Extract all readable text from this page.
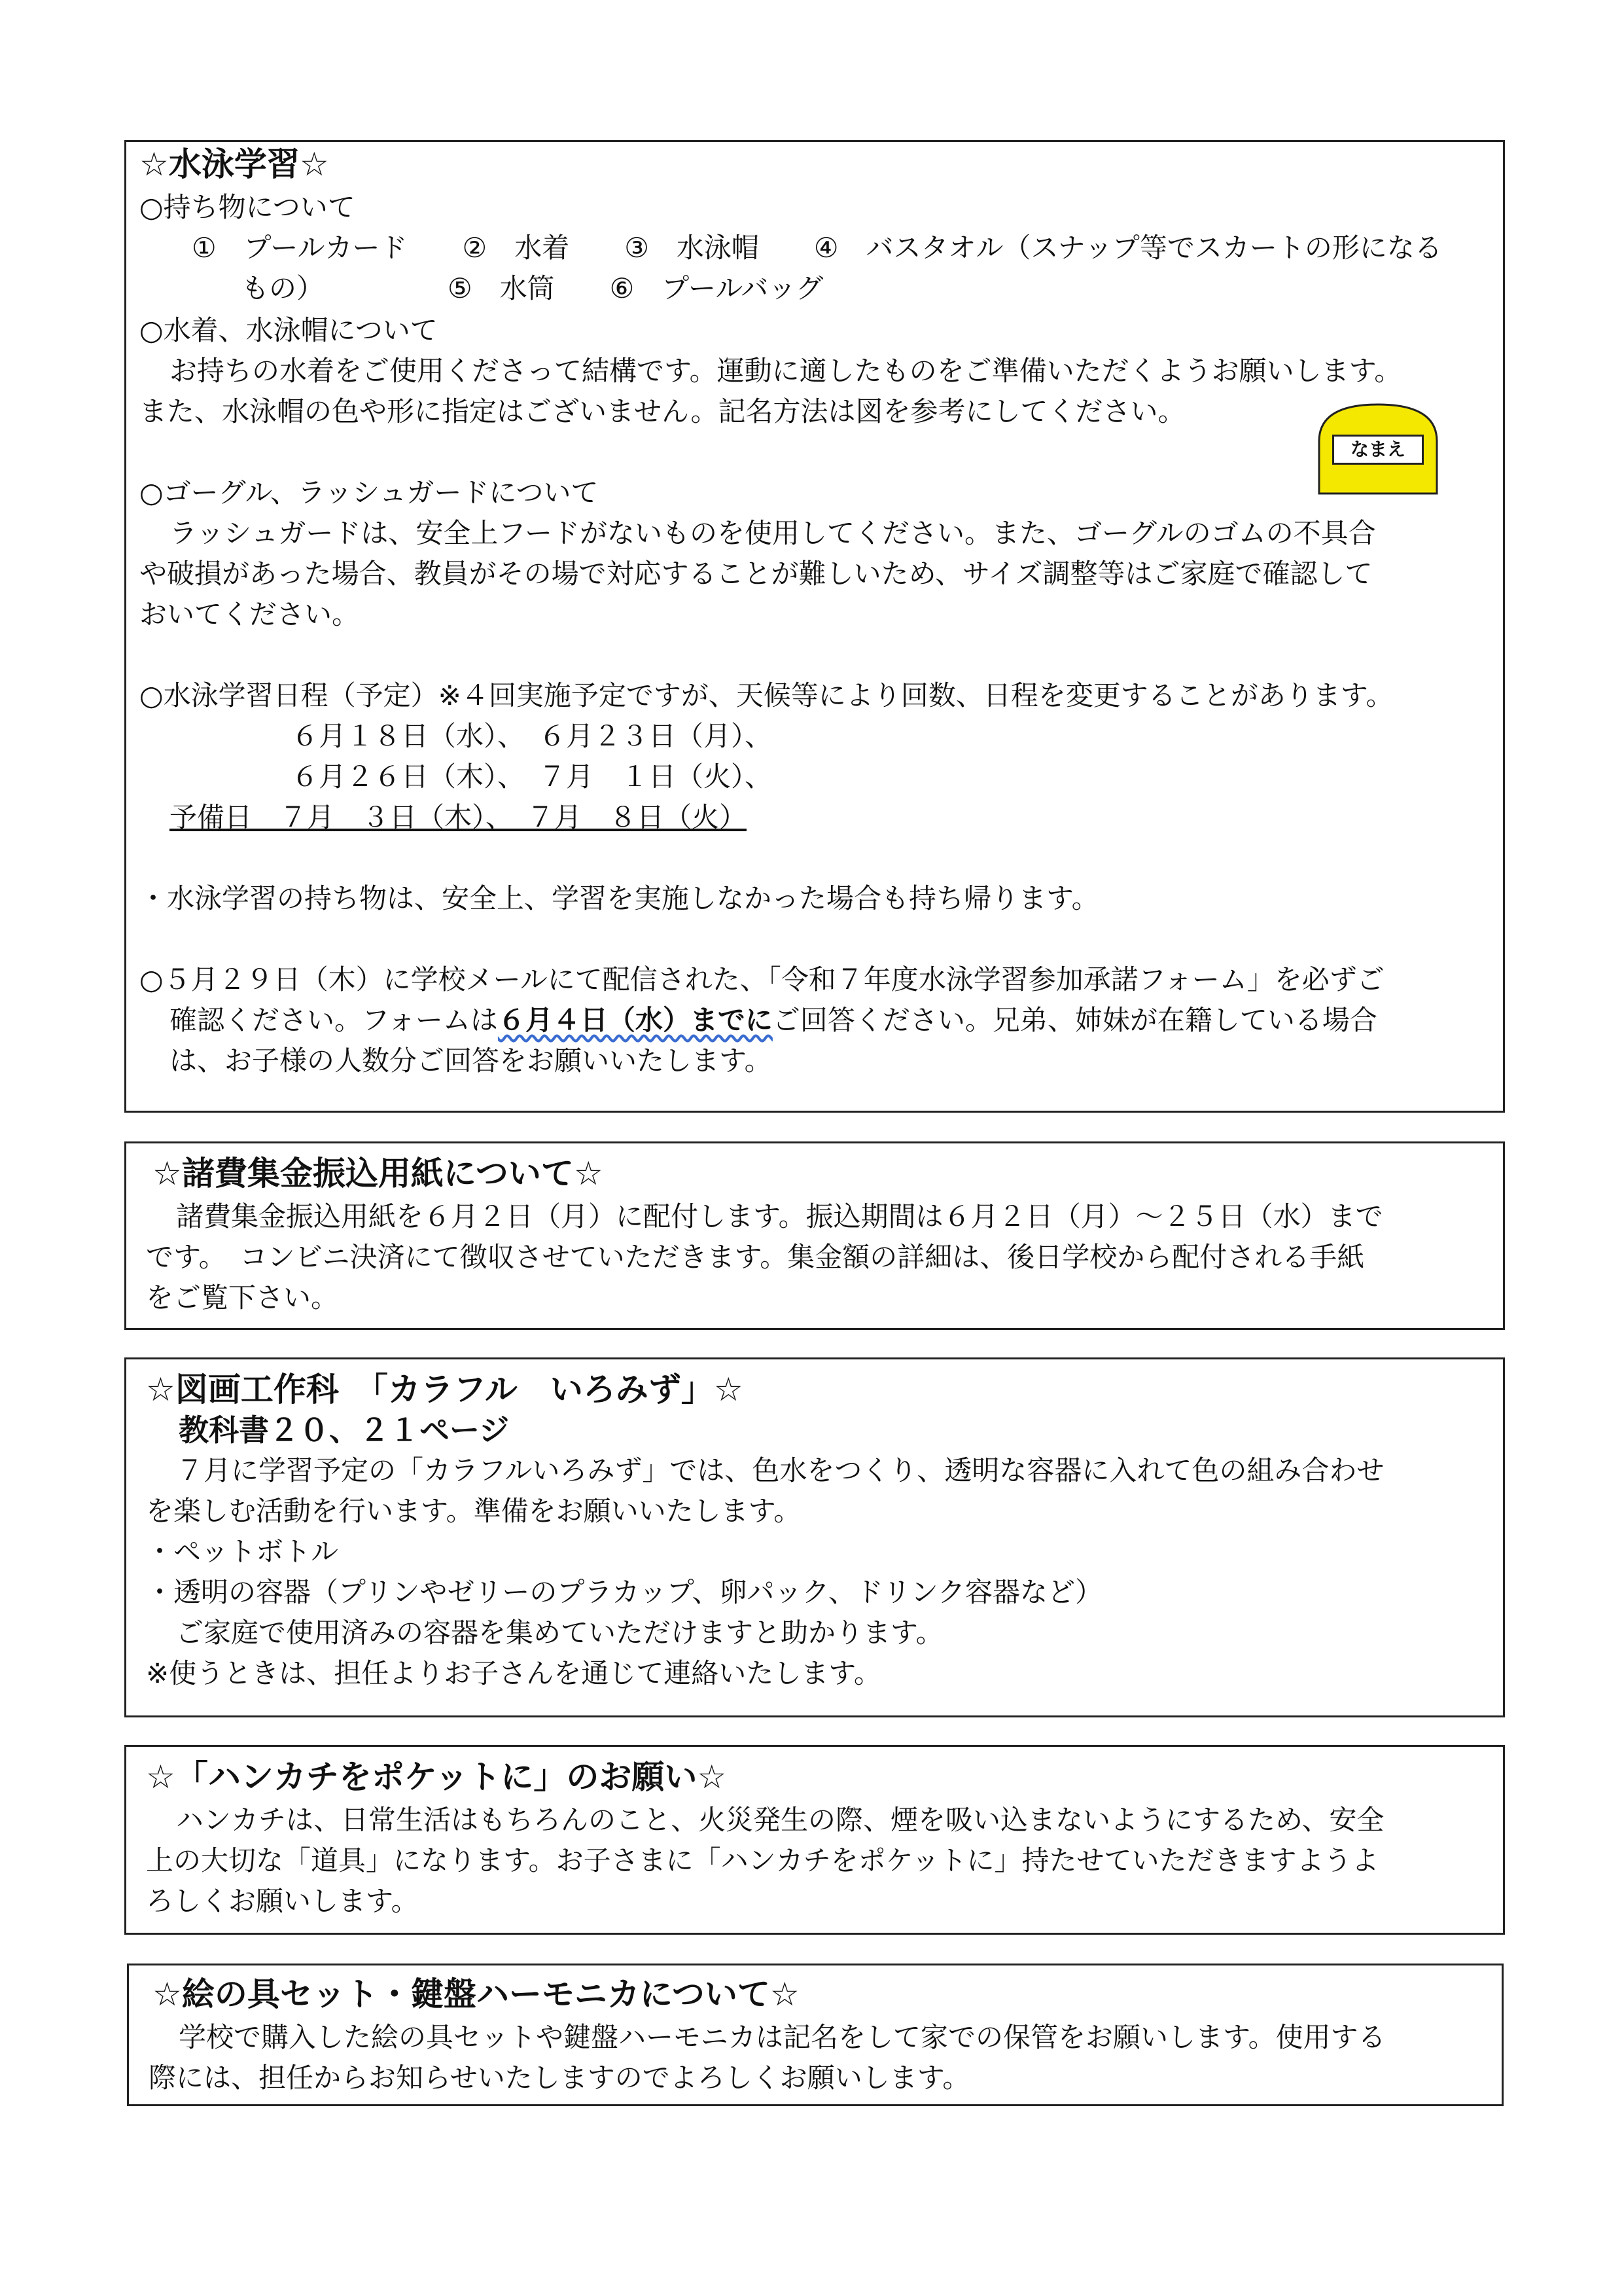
☆水泳学習☆
○持ち物について
①　プールカード　　②　水着　　③　水泳帽　　④　バスタオル（スナップ等でスカートの形になる
もの）　　　　　⑤　水筒　　⑥　プールバッグ
○水着、水泳帽について
お持ちの水着をご使用くださって結構です。運動に適したものをご準備いただくようお願いします。
また、水泳帽の色や形に指定はございません。記名方法は図を参考にしてください。
○ゴーグル、ラッシュガードについて
ラッシュガードは、安全上フードがないものを使用してください。また、ゴーグルのゴムの不具合
や破損があった場合、教員がその場で対応することが難しいため、サイズ調整等はご家庭で確認して
おいてください。
○水泳学習日程（予定）※４回実施予定ですが、天候等により回数、日程を変更することがあります。
６月１８日（水）、　６月２３日（月）、
６月２６日（木）、　７月　１日（火）、
予備日　７月　３日（木）、　７月　８日（火）
・水泳学習の持ち物は、安全上、学習を実施しなかった場合も持ち帰ります。
○５月２９日（木）に学校メールにて配信された、「令和７年度水泳学習参加承諾フォーム」を必ずご
確認ください。フォームは６月４日（水）までにご回答ください。兄弟、姉妹が在籍している場合
は、お子様の人数分ご回答をお願いいたします。
なまえ
☆諸費集金振込用紙について☆
諸費集金振込用紙を６月２日（月）に配付します。振込期間は６月２日（月）～２５日（水）まで
です。　コンビニ決済にて徴収させていただきます。集金額の詳細は、後日学校から配付される手紙
をご覧下さい。
☆図画工作科　「カラフル　いろみず」☆
教科書２０、２１ページ
７月に学習予定の「カラフルいろみず」では、色水をつくり、透明な容器に入れて色の組み合わせ
を楽しむ活動を行います。準備をお願いいたします。
・ペットボトル
・透明の容器（プリンやゼリーのプラカップ、卵パック、ドリンク容器など）
ご家庭で使用済みの容器を集めていただけますと助かります。
※使うときは、担任よりお子さんを通じて連絡いたします。
☆「ハンカチをポケットに」のお願い☆
ハンカチは、日常生活はもちろんのこと、火災発生の際、煙を吸い込まないようにするため、安全
上の大切な「道具」になります。お子さまに「ハンカチをポケットに」持たせていただきますようよ
ろしくお願いします。
☆絵の具セット・鍵盤ハーモニカについて☆
学校で購入した絵の具セットや鍵盤ハーモニカは記名をして家での保管をお願いします。使用する
際には、担任からお知らせいたしますのでよろしくお願いします。
